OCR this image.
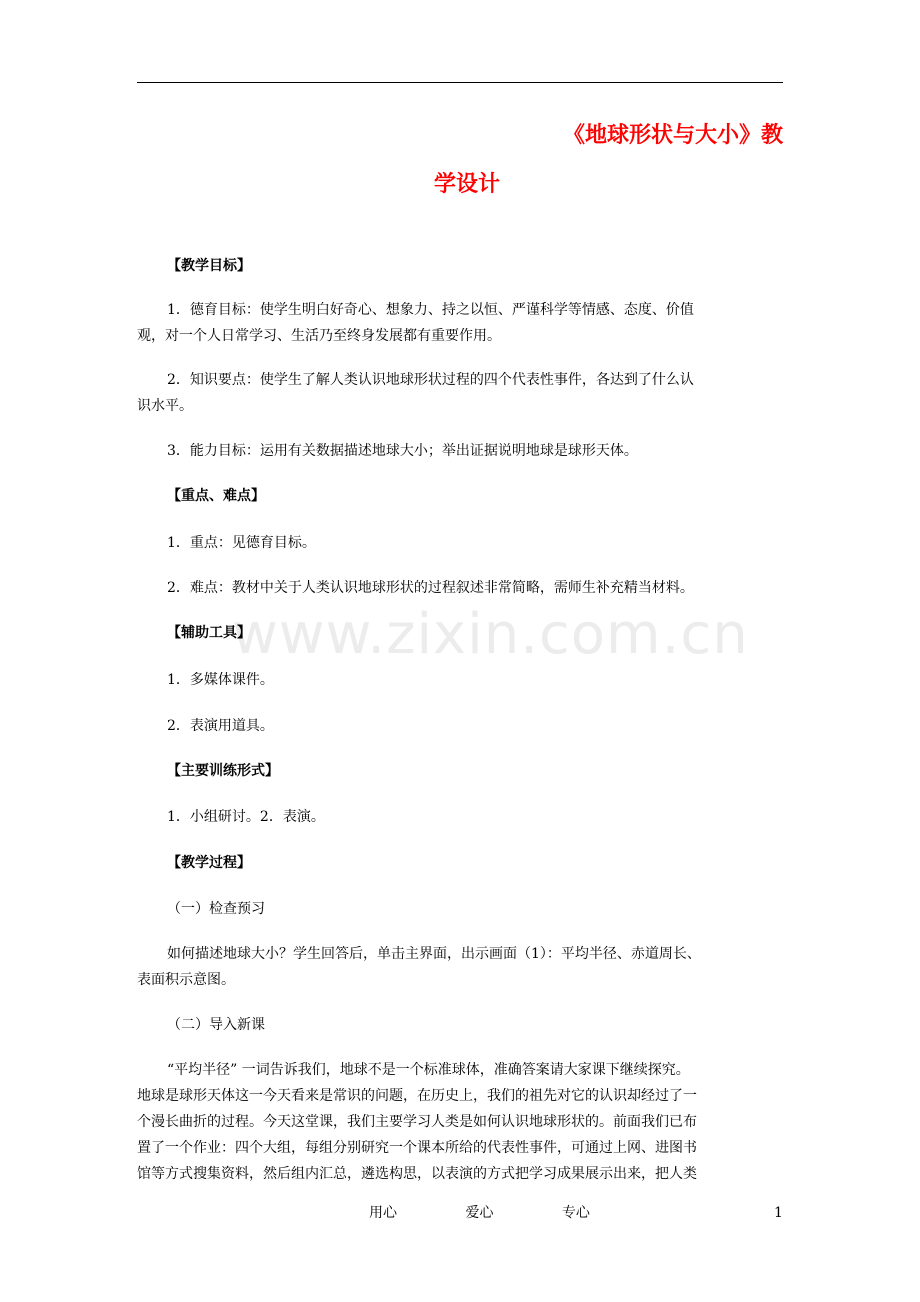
《地球形状与大小》教
学设计
www.zixin.com.cn
【教学目标】
1．德育目标：使学生明白好奇心、想象力、持之以恒、严谨科学等情感、态度、价值
观，对一个人日常学习、生活乃至终身发展都有重要作用。
2．知识要点：使学生了解人类认识地球形状过程的四个代表性事件，各达到了什么认
识水平。
3．能力目标：运用有关数据描述地球大小；举出证据说明地球是球形天体。
【重点、难点】
1．重点：见德育目标。
2．难点：教材中关于人类认识地球形状的过程叙述非常简略，需师生补充精当材料。
【辅助工具】
1．多媒体课件。
2．表演用道具。
【主要训练形式】
1．小组研讨。2．表演。
【教学过程】
（一）检查预习
如何描述地球大小？学生回答后，单击主界面，出示画面（1）：平均半径、赤道周长、
表面积示意图。
（二）导入新课
“平均半径” 一词告诉我们，地球不是一个标准球体，准确答案请大家课下继续探究。
地球是球形天体这一今天看来是常识的问题，在历史上，我们的祖先对它的认识却经过了一
个漫长曲折的过程。今天这堂课，我们主要学习人类是如何认识地球形状的。前面我们已布
置了一个作业：四个大组，每组分别研究一个课本所给的代表性事件，可通过上网、进图书
馆等方式搜集资料，然后组内汇总，遴选构思，以表演的方式把学习成果展示出来，把人类
用心	爱心	专心	1
